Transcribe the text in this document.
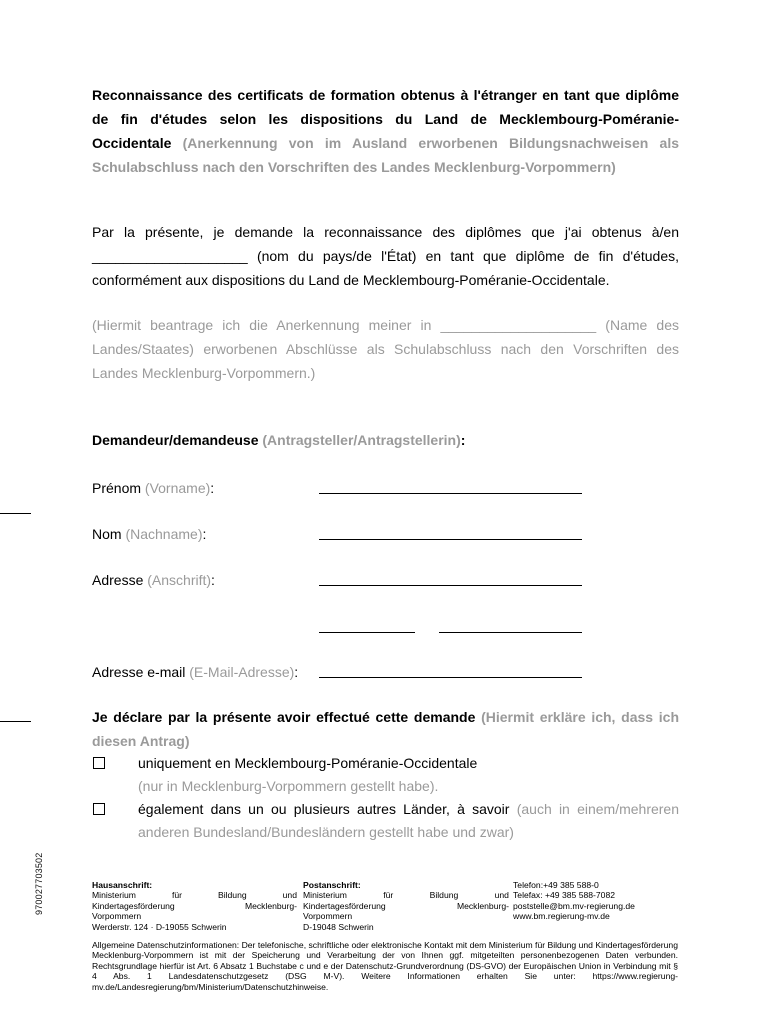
970027703502
Reconnaissance des certificats de formation obtenus à l'étranger en tant que diplôme de fin d'études selon les dispositions du Land de Mecklembourg-Poméranie-Occidentale (Anerkennung von im Ausland erworbenen Bildungsnachweisen als Schulabschluss nach den Vorschriften des Landes Mecklenburg-Vorpommern)
Par la présente, je demande la reconnaissance des diplômes que j'ai obtenus à/en ____________________ (nom du pays/de l'État) en tant que diplôme de fin d'études, conformément aux dispositions du Land de Mecklembourg-Poméranie-Occidentale.
(Hiermit beantrage ich die Anerkennung meiner in ____________________ (Name des Landes/Staates) erworbenen Abschlüsse als Schulabschluss nach den Vorschriften des Landes Mecklenburg-Vorpommern.)
Demandeur/demandeuse (Antragsteller/Antragstellerin):
Prénom (Vorname):
Nom (Nachname):
Adresse (Anschrift):
Adresse e-mail (E-Mail-Adresse):
Je déclare par la présente avoir effectué cette demande (Hiermit erkläre ich, dass ich diesen Antrag)
uniquement en Mecklembourg-Poméranie-Occidentale
(nur in Mecklenburg-Vorpommern gestellt habe).
également dans un ou plusieurs autres Länder, à savoir (auch in einem/mehreren anderen Bundesland/Bundesländern gestellt habe und zwar)
Hausanschrift:
Ministerium	für	Bildung	und
Kindertagesförderung	Mecklenburg-
Vorpommern
Werderstr. 124 · D-19055 Schwerin
Postanschrift:
Ministerium	für	Bildung	und
Kindertagesförderung	Mecklenburg-
Vorpommern
D-19048 Schwerin
Telefon:+49 385 588-0
Telefax: +49 385 588-7082
poststelle@bm.mv-regierung.de
www.bm.regierung-mv.de
Allgemeine Datenschutzinformationen: Der telefonische, schriftliche oder elektronische Kontakt mit dem Ministerium für Bildung und Kindertagesförderung Mecklenburg-Vorpommern ist mit der Speicherung und Verarbeitung der von Ihnen ggf. mitgeteilten personenbezogenen Daten verbunden. Rechtsgrundlage hierfür ist Art. 6 Absatz 1 Buchstabe c und e der Datenschutz-Grundverordnung (DS-GVO) der Europäischen Union in Verbindung mit § 4 Abs. 1 Landesdatenschutzgesetz (DSG M-V). Weitere Informationen erhalten Sie unter: https://www.regierung-mv.de/Landesregierung/bm/Ministerium/Datenschutzhinweise.
